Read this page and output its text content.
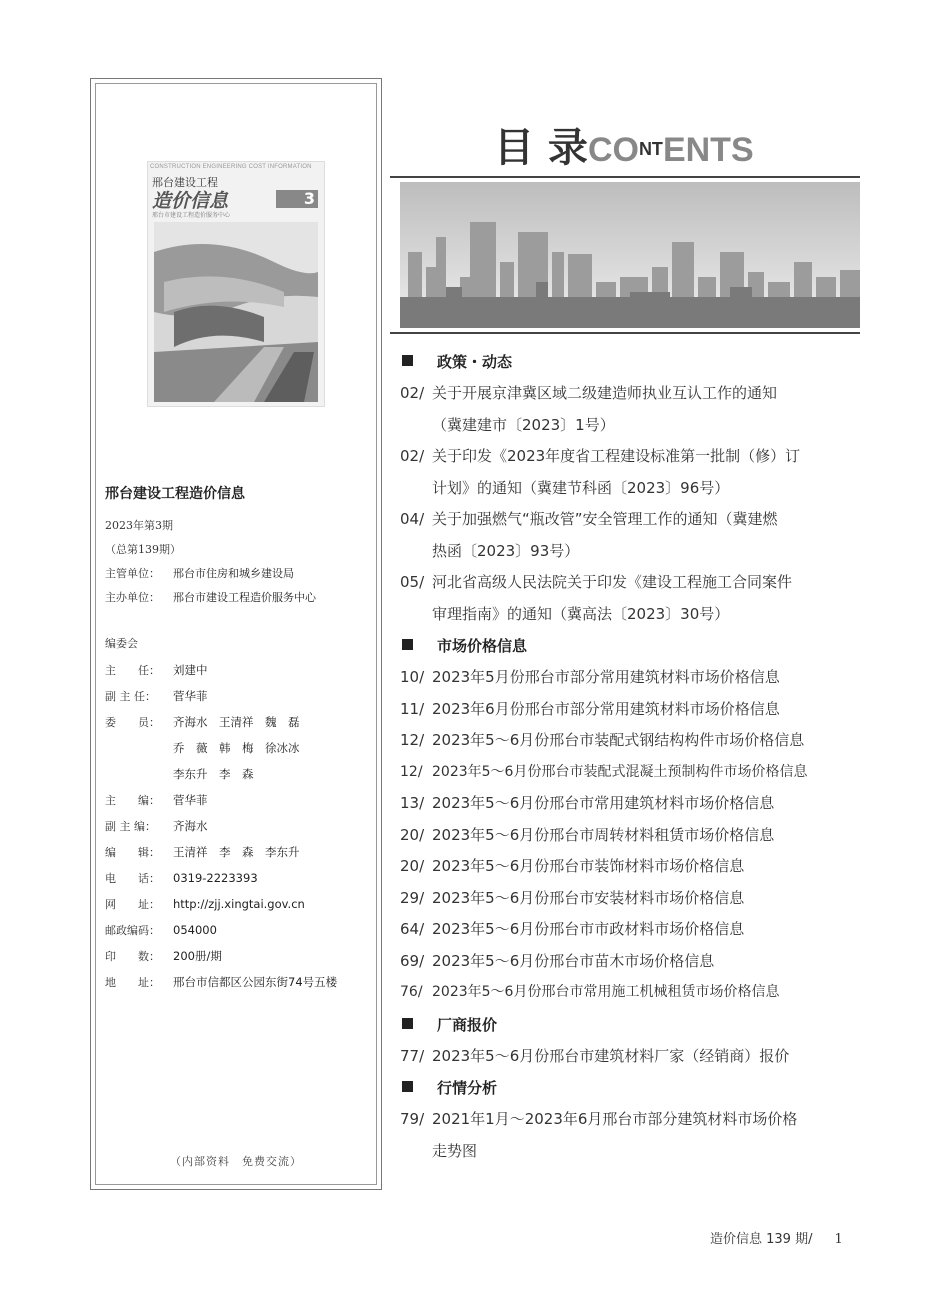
CONSTRUCTION ENGINEERING COST INFORMATION
邢台建设工程
造价信息
邢台市建设工程造价服务中心
3
邢台建设工程造价信息
2023年第3期
（总第139期）
主管单位： 邢台市住房和城乡建设局
主办单位： 邢台市建设工程造价服务中心
编委会
主　　任： 刘建中
副 主 任： 菅华菲
委　　员： 齐海水　王清祥　魏　磊
乔　薇　韩　梅　徐冰冰
李东升　李　森
主　　编： 菅华菲
副 主 编： 齐海水
编　　辑： 王清祥　李　森　李东升
电　　话： 0319-2223393
网　　址： http://zjj.xingtai.gov.cn
邮政编码： 054000
印　　数： 200册/期
地　　址： 邢台市信都区公园东街74号五楼
（内部资料　免费交流）
目 录CONTENTS
政策・动态
02/ 关于开展京津冀区域二级建造师执业互认工作的通知
（冀建建市〔2023〕1号）
02/ 关于印发《2023年度省工程建设标准第一批制（修）订
计划》的通知（冀建节科函〔2023〕96号）
04/ 关于加强燃气“瓶改管”安全管理工作的通知（冀建燃
热函〔2023〕93号）
05/ 河北省高级人民法院关于印发《建设工程施工合同案件
审理指南》的通知（冀高法〔2023〕30号）
市场价格信息
10/ 2023年5月份邢台市部分常用建筑材料市场价格信息
11/ 2023年6月份邢台市部分常用建筑材料市场价格信息
12/ 2023年5～6月份邢台市装配式钢结构构件市场价格信息
12/ 2023年5～6月份邢台市装配式混凝土预制构件市场价格信息
13/ 2023年5～6月份邢台市常用建筑材料市场价格信息
20/ 2023年5～6月份邢台市周转材料租赁市场价格信息
20/ 2023年5～6月份邢台市装饰材料市场价格信息
29/ 2023年5～6月份邢台市安装材料市场价格信息
64/ 2023年5～6月份邢台市市政材料市场价格信息
69/ 2023年5～6月份邢台市苗木市场价格信息
76/ 2023年5～6月份邢台市常用施工机械租赁市场价格信息
厂商报价
77/ 2023年5～6月份邢台市建筑材料厂家（经销商）报价
行情分析
79/ 2021年1月～2023年6月邢台市部分建筑材料市场价格
走势图
造价信息 139 期/ 1
